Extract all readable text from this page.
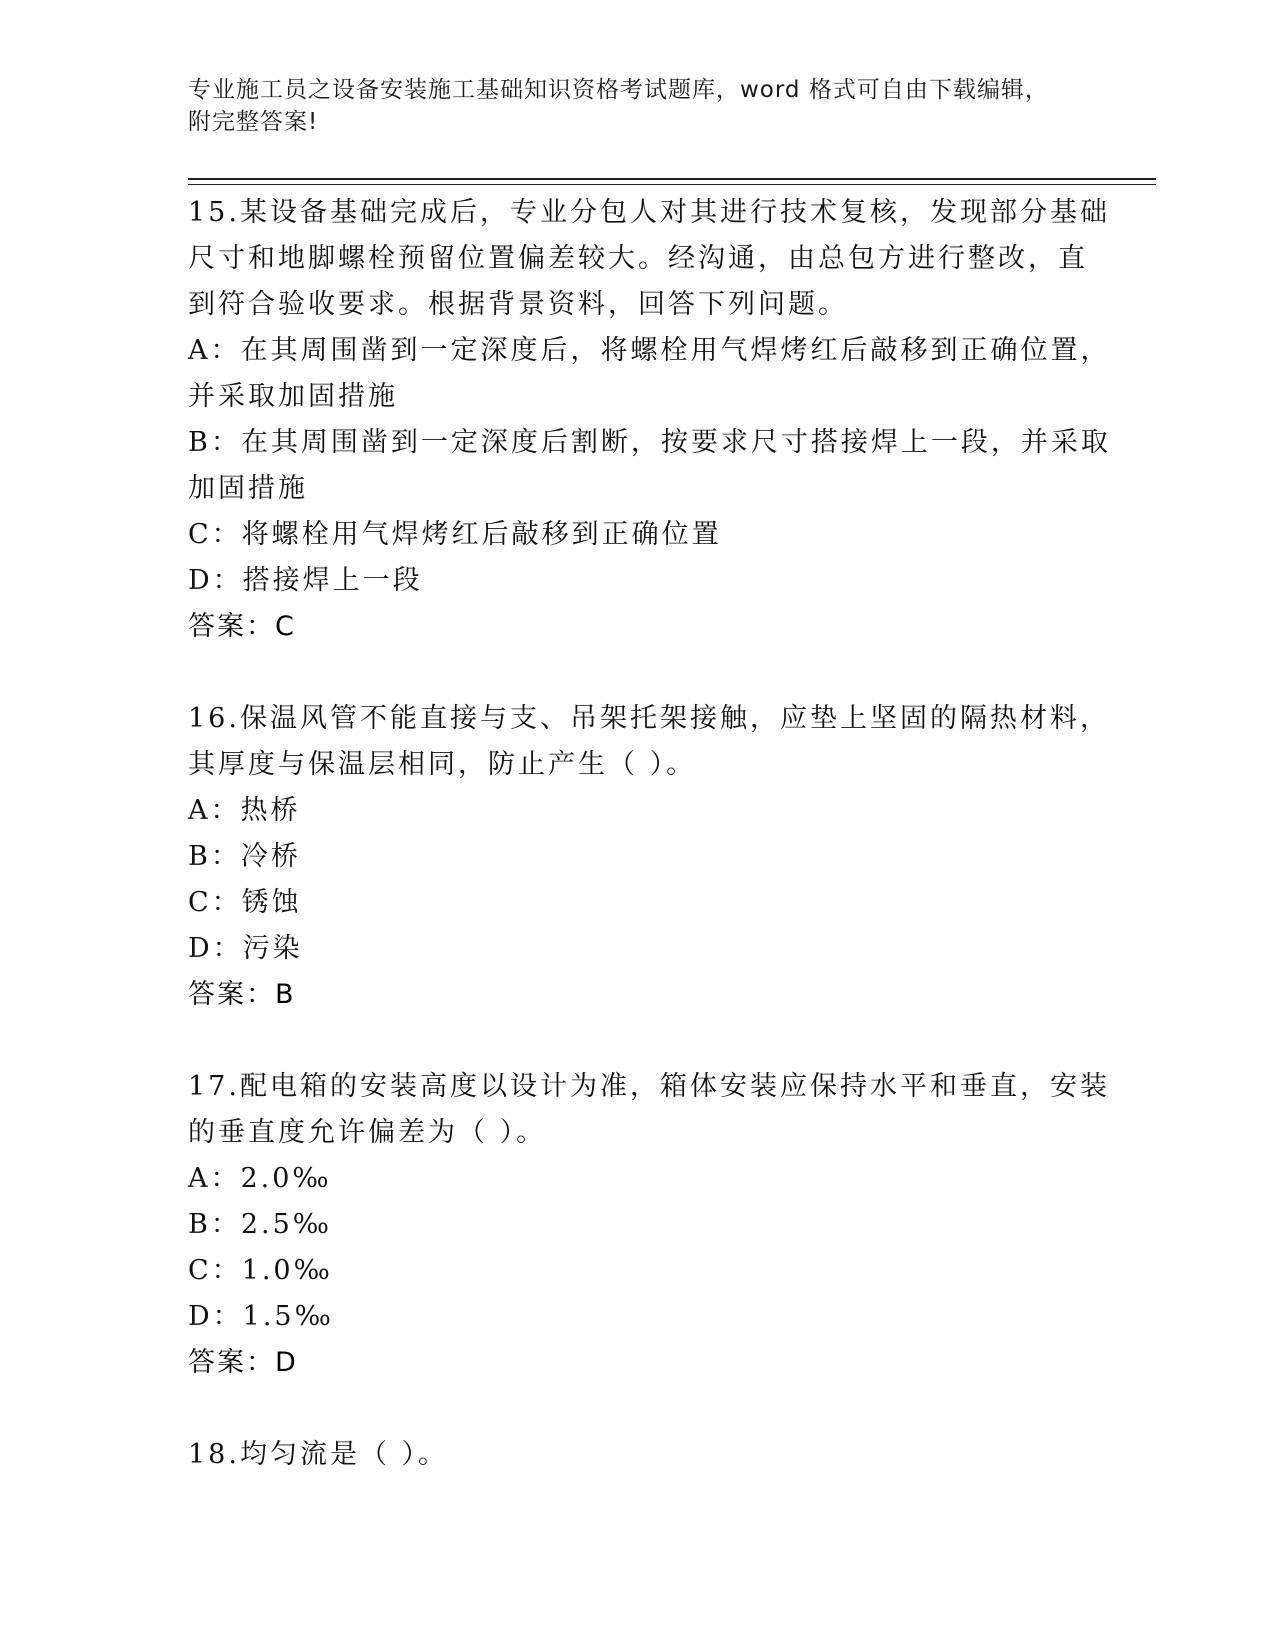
专业施工员之设备安装施工基础知识资格考试题库，word 格式可自由下载编辑，
附完整答案!
15.某设备基础完成后，专业分包人对其进行技术复核，发现部分基础
尺寸和地脚螺栓预留位置偏差较大。经沟通，由总包方进行整改，直
到符合验收要求。根据背景资料，回答下列问题。
A：在其周围凿到一定深度后，将螺栓用气焊烤红后敲移到正确位置，
并采取加固措施
B：在其周围凿到一定深度后割断，按要求尺寸搭接焊上一段，并采取
加固措施
C：将螺栓用气焊烤红后敲移到正确位置
D：搭接焊上一段
答案：C
16.保温风管不能直接与支、吊架托架接触，应垫上坚固的隔热材料，
其厚度与保温层相同，防止产生（ ）。
A：热桥
B：冷桥
C：锈蚀
D：污染
答案：B
17.配电箱的安装高度以设计为准，箱体安装应保持水平和垂直，安装
的垂直度允许偏差为（ ）。
A：2.0‰
B：2.5‰
C：1.0‰
D：1.5‰
答案：D
18.均匀流是（ ）。
